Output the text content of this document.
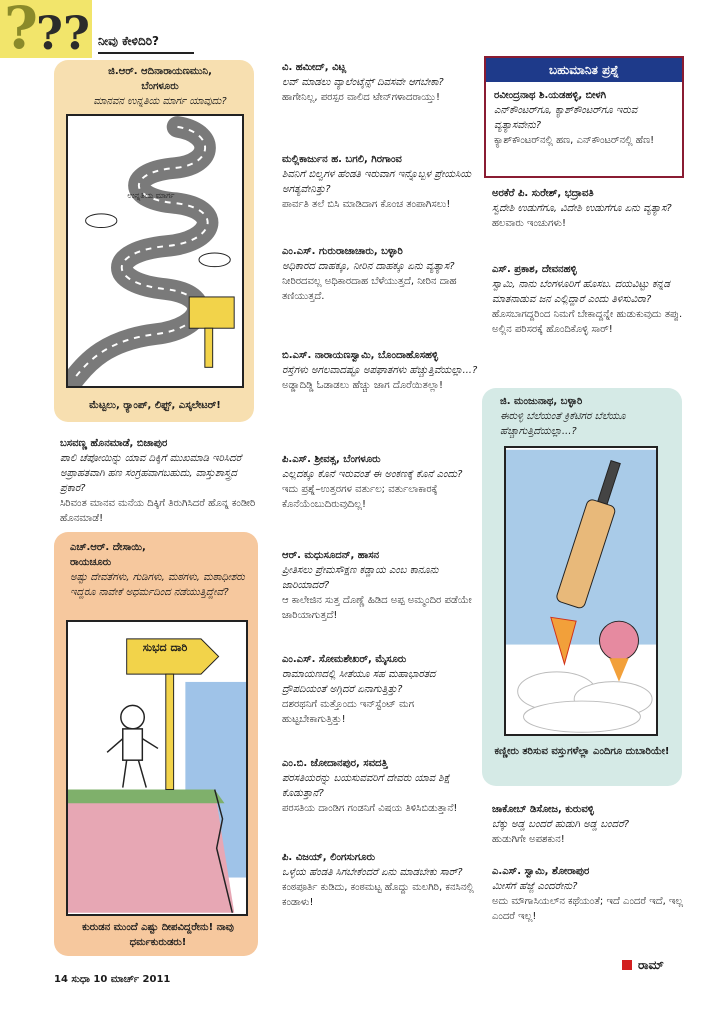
?
?? ನೀವು ಕೇಳಿದಿರಿ?
ಜಿ.ಆರ್. ಆದಿನಾರಾಯಣಮುನಿ,
ಬೆಂಗಳೂರು
ಮಾನವನ ಉನ್ನತಿಯ ಮಾರ್ಗ ಯಾವುದು?
ಉನ್ನತಿಯ ಮಾರ್ಗ
ಮೆಟ್ಟಲು, ರ್‍ಯಾಂಪ್, ಲಿಫ್ಟ್, ಎಸ್ಕಲೇಟರ್!
ಬಸವಣ್ಣ ಹೊನಮಾಡೆ, ಬಿಜಾಪುರ
ಪಾಲಿ ಚೆಪೋಯಿನ್ನು ಯಾವ ದಿಕ್ಕಿಗೆ ಮುಖಮಾಡಿ ಇರಿಸಿದರೆ ಅಪ್ರಾಹತವಾಗಿ ಹಣ ಸಂಗ್ರಹವಾಗಬಹುದು, ವಾಸ್ತುಶಾಸ್ತ್ರದ ಪ್ರಕಾರ?
ಸಿರಿವಂತ ಮಾನವ ಮನೆಯ ದಿಕ್ಕಿಗೆ ತಿರುಗಿಸಿದರೆ ಹೊನ್ನ ಕಂಡೀರಿ ಹೊನಮಾಡೆ!
ಎಚ್.ಆರ್. ದೇಸಾಯಿ,
ರಾಯಚೂರು
ಅಷ್ಟು ದೇವತೆಗಳು, ಗುಡಿಗಳು, ಮಠಗಳು, ಮಠಾಧೀಶರು ಇದ್ದರೂ ನಾವೇಕೆ ಅಧರ್ಮದಿಂದ ನಡೆಯುತ್ತಿದ್ದೇವೆ?
ಸುಭದ ದಾರಿ
ಕುರುಡನ ಮುಂದೆ ಎಷ್ಟು ದೀಪವಿದ್ದರೇನು! ನಾವು ಧರ್ಮಕುರುಡರು!
ವಿ. ಹಮೀದ್, ವಿಟ್ಲ
ಲವ್ ಮಾಡಲು ವ್ಯಾಲೆಂಟೈನ್ಸ್ ದಿವಸವೇ ಆಗಬೇಕಾ?
ಹಾಗೇನಿಲ್ಲ, ಪರಸ್ಪರ ವಾಲಿದ ಟೇನ್‌ಗಳಾದರಾಯ್ತು!
ಮಲ್ಲಿಕಾರ್ಜುನ ಹ. ಬಗಲಿ, ಗಿರಗಾಂವ
ಶಿವನಿಗೆ ಬಿಲ್ವಗಳ ಹೆಂಡತಿ ಇರುವಾಗ ಇನ್ನೊಬ್ಬಳ ಪ್ರೇಯಸಿಯ ಅಗತ್ಯವೇನಿತ್ತು?
ಪಾರ್ವತಿ ತಲೆ ಬಿಸಿ ಮಾಡಿದಾಗ ಕೊಂಚ ತಂಪಾಗಿಸಲು!
ಎಂ.ಎಸ್. ಗುರುರಾಜಾಚಾರು, ಬಳ್ಳಾರಿ
ಅಧಿಕಾರದ ದಾಹಕ್ಕೂ, ನೀರಿನ ದಾಹಕ್ಕೂ ಏನು ವ್ಯತ್ಯಾಸ?
ನೀರಿರದವಲ್ಲ ಅಧಿಕಾರದಾಹ ಬೆಳೆಯುತ್ತದೆ, ನೀರಿನ ದಾಹ ತಣಿಯುತ್ತದೆ.
ಬಿ.ಎಸ್. ನಾರಾಯಣಸ್ವಾಮಿ, ಬೊಂದಾಹೊಸಹಳ್ಳಿ
ರಸ್ತೆಗಳು ಅಗಲವಾದಷ್ಟೂ ಅಪಘಾತಗಳು ಹೆಚ್ಚುತ್ತಿವೆಯಲ್ಲಾ...?
ಅಡ್ಡಾದಿಡ್ಡಿ ಓಡಾಡಲು ಹೆಚ್ಚು ಜಾಗ ದೊರೆಯಿತಲ್ಲಾ!
ಪಿ.ಎಸ್. ಶ್ರೀವತ್ಸ, ಬೆಂಗಳೂರು
ಎಲ್ಲದಕ್ಕೂ ಕೊನೆ ಇರುವಂತೆ ಈ ಅಂಕಣಕ್ಕೆ ಕೊನೆ ಎಂದು?
ಇದು ಪ್ರಶ್ನೆ–ಉತ್ತರಗಳ ವರ್ತುಲ; ವರ್ತುಲಾಕಾರಕ್ಕೆ ಕೊನೆಯೆಂಬುದಿರುವುದಿಲ್ಲ!
ಆರ್. ಮಧುಸೂದನ್, ಹಾಸನ
ಪ್ರೀತಿಸಲು ಪ್ರೇಮಸೌಕ್ಷಣ ಕಡ್ಡಾಯ ಎಂಬ ಕಾನೂನು ಜಾರಿಯಾದರೆ?
ಆ ಕಾಲೇಜಿನ ಸುತ್ತ ದೊಣ್ಣೆ ಹಿಡಿದ ಅಪ್ಪ ಅಮ್ಮಂದಿರ ಪಡೆಯೇ ಜಾರಿಯಾಗುತ್ತದೆ!
ಎಂ.ಎಸ್. ಸೋಮಶೇಖರ್, ಮೈಸೂರು
ರಾಮಾಯಣದಲ್ಲಿ ಸೀತೆಯೂ ಸಹ ಮಹಾಭಾರತದ ದ್ರೌಪದಿಯಂತೆ ಅಗ್ಗಿದರೆ ಏನಾಗುತ್ತಿತ್ತು?
ದಶರಥನಿಗೆ ಮತ್ತೊಂದು ಇನ್‌ಸ್ಟೆಂಟ್ ಮಗ ಹುಟ್ಟಬೇಕಾಗುತ್ತಿತ್ತು!
ಎಂ.ಬಿ. ಜೋದಾನಪುರ, ಸವದತ್ತಿ
ಪರಸತಿಯರನ್ನು ಬಯಸುವವರಿಗೆ ದೇವರು ಯಾವ ಶಿಕ್ಷೆ ಕೊಡುತ್ತಾನೆ?
ಪರಸತಿಯ ದಾಂಡಿಗ ಗಂಡನಿಗೆ ವಿಷಯ ತಿಳಿಸಿಬಿಡುತ್ತಾನೆ!
ಪಿ. ವಿಜಯ್, ಲಿಂಗಸುಗೂರು
ಒಳ್ಳೆಯ ಹೆಂಡತಿ ಸಿಗಬೇಕೆಂದರೆ ಏನು ಮಾಡಬೇಕು ಸಾರ್?
ಕಂಠಪೂರ್ತಿ ಕುಡಿದು, ಕಂಠಮಟ್ಟ ಹೊದ್ದು ಮಲಗಿರಿ, ಕನಸಿನಲ್ಲಿ ಕಂಡಾಳು!
ಬಹುಮಾನಿತ ಪ್ರಶ್ನೆ
ರವೀಂದ್ರನಾಥ ಶಿ.ಯಡಹಳ್ಳಿ, ಬೀಳಗಿ
ಎನ್‌ಕೌಂಟರ್‌ಗೂ, ಕ್ಯಾಶ್‌ಕೌಂಟರ್‌ಗೂ ಇರುವ ವ್ಯತ್ಯಾಸವೇನು?
ಕ್ಯಾಶ್‌ಕೌಂಟರ್‌ನಲ್ಲಿ ಹಣ, ಎನ್‌ಕೌಂಟರ್‌ನಲ್ಲಿ ಹೆಣ!
ಅರಕೆರೆ ಪಿ. ಸುರೇಶ್, ಭದ್ರಾವತಿ
ಸ್ವದೇಶಿ ಉಡುಗೆಗೂ, ವಿದೇಶಿ ಉಡುಗೆಗೂ ಏನು ವ್ಯತ್ಯಾಸ?
ಹಲವಾರು ಇಂಚುಗಳು!
ಎಸ್. ಪ್ರಕಾಶ, ದೇವನಹಳ್ಳಿ
ಸ್ವಾಮಿ, ನಾನು ಬೆಂಗಳೂರಿಗೆ ಹೊಸಬ. ದಯವಿಟ್ಟು ಕನ್ನಡ ಮಾತನಾಡುವ ಜನ ಎಲ್ಲಿದ್ದಾರೆ ಎಂದು ತಿಳಿಸುವಿರಾ?
ಹೊಸಬಾಗದ್ದರಿಂದ ನಿಮಗೆ ಬೇಕಾದ್ದನ್ನೇ ಹುಡುಕುವುದು ತಪ್ಪು. ಅಲ್ಲಿನ ಪರಿಸರಕ್ಕೆ ಹೊಂದಿಕೊಳ್ಳಿ ಸಾರ್!
ಜಿ. ಮಂಜುನಾಥ, ಬಳ್ಳಾರಿ
ಈರುಳ್ಳಿ ಬೆಲೆಯಂತೆ ಕ್ರಿಕೆಟಿಗರ ಬೆಲೆಯೂ ಹೆಚ್ಚಾಗುತ್ತಿದೆಯಲ್ಲಾ...?
ಕಣ್ಣೀರು ತರಿಸುವ ವಸ್ತುಗಳೆಲ್ಲಾ ಎಂದಿಗೂ ದುಬಾರಿಯೇ!
ಜಾಕೋಬ್ ಡಿಸೋಜ, ಕುರುವಳ್ಳಿ
ಬೆಕ್ಕು ಅಡ್ಡ ಬಂದರೆ ಹುಡುಗಿ ಅಡ್ಡ ಬಂದರೆ?
ಹುಡುಗಿಗೇ ಅಪಶಕುನ!
ಎ.ಎಸ್. ಸ್ವಾಮಿ, ಶೋರಾಪುರ
ಮೀಸೆಗೆ ಹೆಜ್ಜೆ ಎಂದರೇನು?
ಅದು ಮೌಗಾಸಿಯಲ್‌ನ ಕಥೆಯಂತೆ; ಇದೆ ಎಂದರೆ ಇದೆ, ಇಲ್ಲ ಎಂದರೆ ಇಲ್ಲ!
14 ಸುಧಾ 10 ಮಾರ್ಚ್ 2011
ರಾಮ್
